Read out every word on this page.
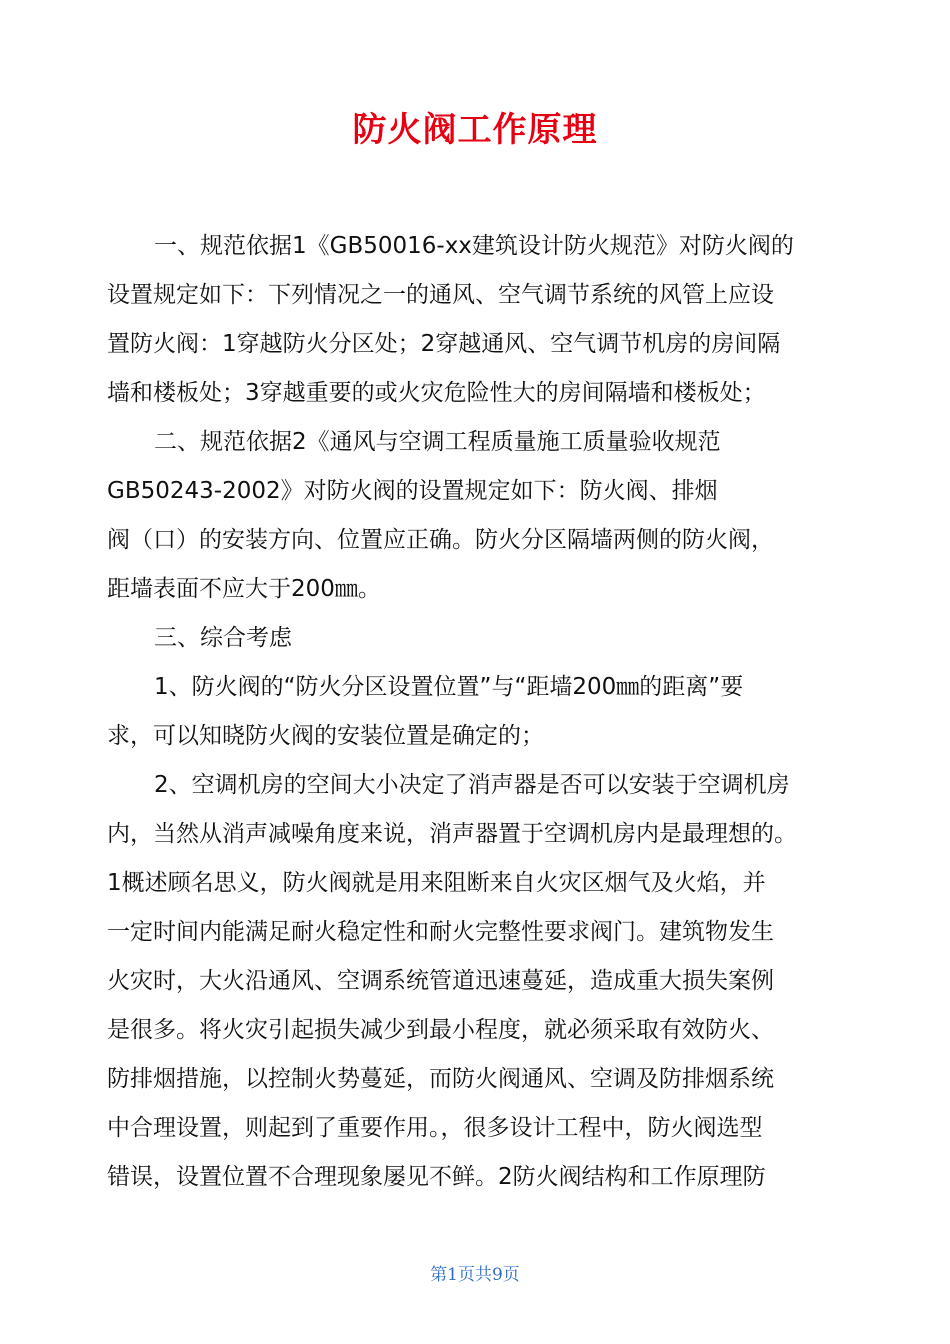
防火阀工作原理
一、规范依据1《GB50016-xx建筑设计防火规范》对防火阀的
设置规定如下：下列情况之一的通风、空气调节系统的风管上应设
置防火阀：1穿越防火分区处；2穿越通风、空气调节机房的房间隔
墙和楼板处；3穿越重要的或火灾危险性大的房间隔墙和楼板处；
二、规范依据2《通风与空调工程质量施工质量验收规范
GB50243-2002》对防火阀的设置规定如下：防火阀、排烟
阀（口）的安装方向、位置应正确。防火分区隔墙两侧的防火阀，
距墙表面不应大于200㎜。
三、综合考虑
1、防火阀的“防火分区设置位置”与“距墙200㎜的距离”要
求，可以知晓防火阀的安装位置是确定的；
2、空调机房的空间大小决定了消声器是否可以安装于空调机房
内，当然从消声减噪角度来说，消声器置于空调机房内是最理想的。
1概述顾名思义，防火阀就是用来阻断来自火灾区烟气及火焰，并
一定时间内能满足耐火稳定性和耐火完整性要求阀门。建筑物发生
火灾时，大火沿通风、空调系统管道迅速蔓延，造成重大损失案例
是很多。将火灾引起损失减少到最小程度，就必须采取有效防火、
防排烟措施，以控制火势蔓延，而防火阀通风、空调及防排烟系统
中合理设置，则起到了重要作用。，很多设计工程中，防火阀选型
错误，设置位置不合理现象屡见不鲜。2防火阀结构和工作原理防
第1页共9页
